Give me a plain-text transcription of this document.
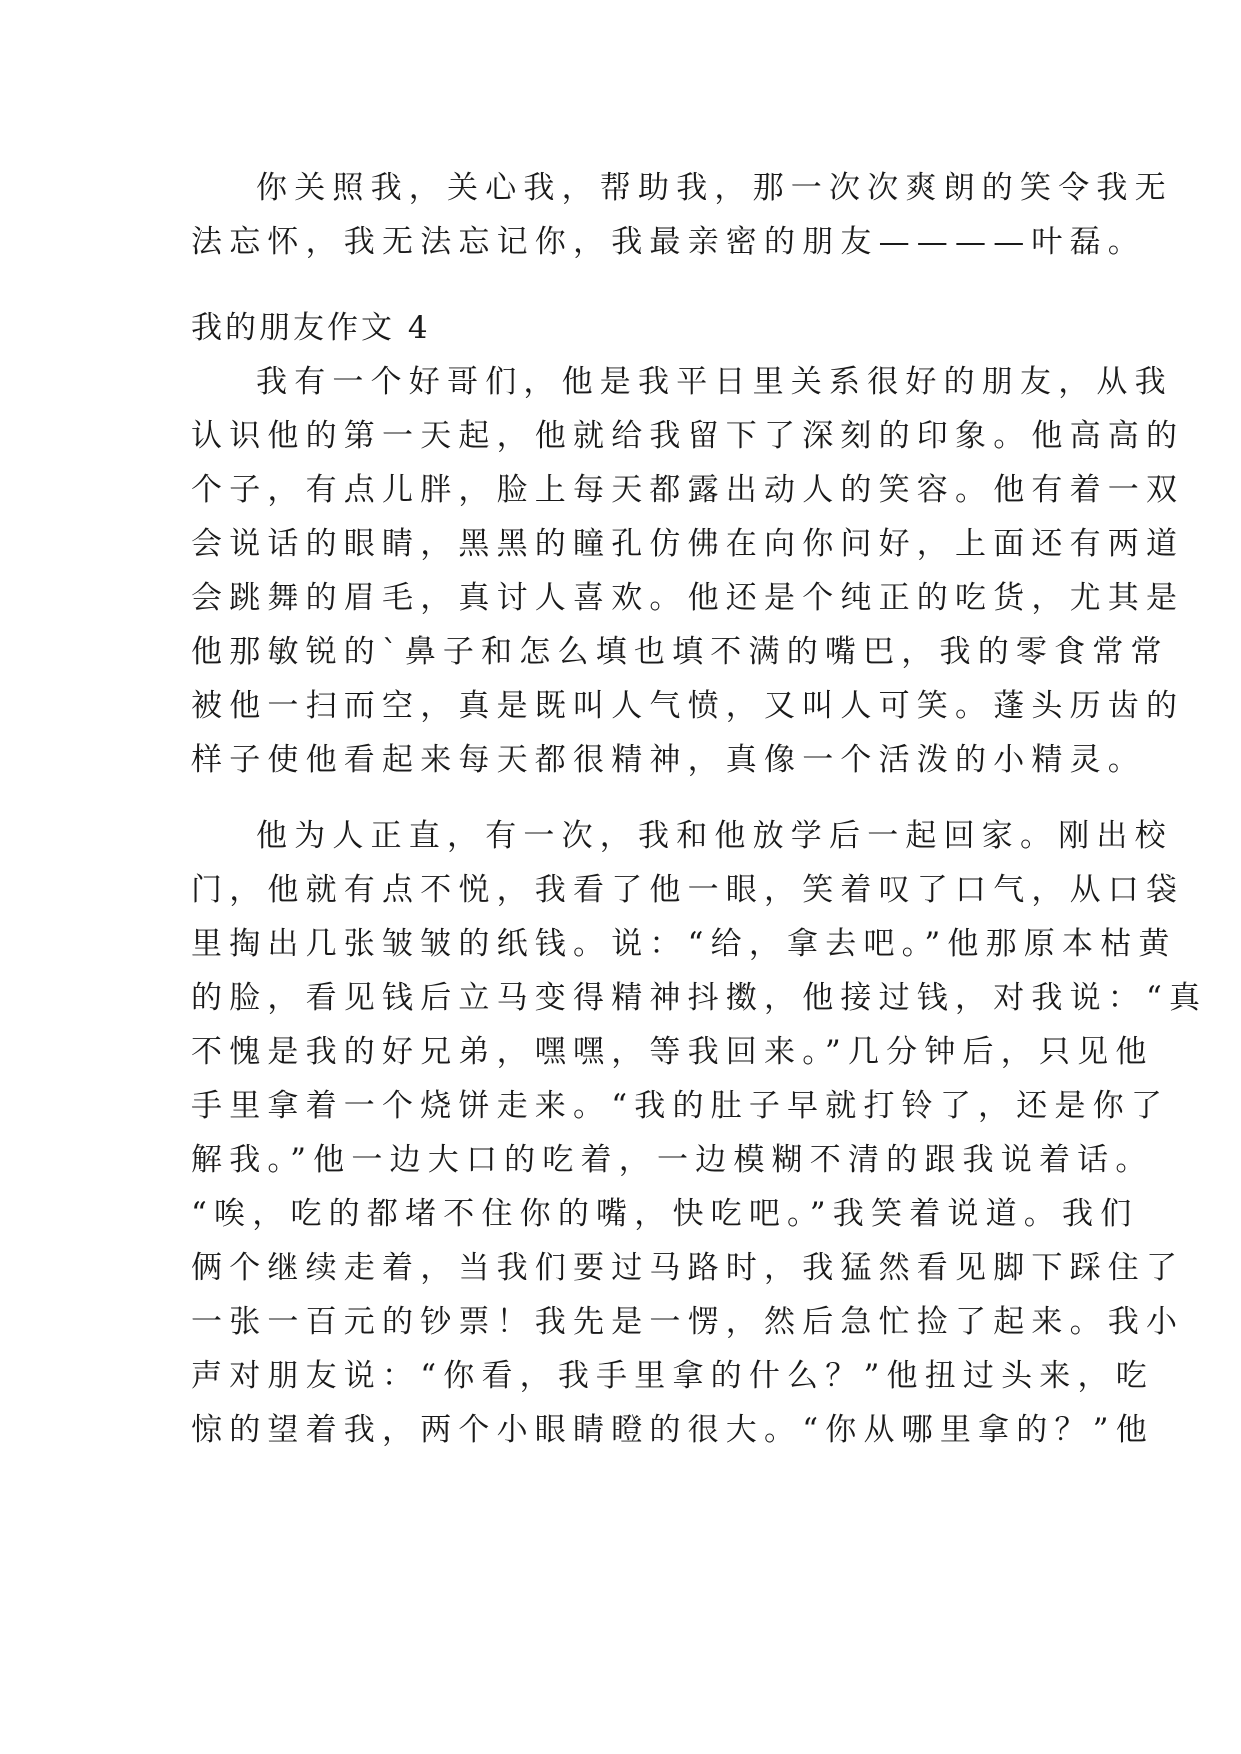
你关照我，关心我，帮助我，那一次次爽朗的笑令我无
法忘怀，我无法忘记你，我最亲密的朋友————叶磊。
我的朋友作文 4
我有一个好哥们，他是我平日里关系很好的朋友，从我
认识他的第一天起，他就给我留下了深刻的印象。他高高的
个子，有点儿胖，脸上每天都露出动人的笑容。他有着一双
会说话的眼睛，黑黑的瞳孔仿佛在向你问好，上面还有两道
会跳舞的眉毛，真讨人喜欢。他还是个纯正的吃货，尤其是
他那敏锐的`鼻子和怎么填也填不满的嘴巴，我的零食常常
被他一扫而空，真是既叫人气愤，又叫人可笑。蓬头历齿的
样子使他看起来每天都很精神，真像一个活泼的小精灵。
他为人正直，有一次，我和他放学后一起回家。刚出校
门，他就有点不悦，我看了他一眼，笑着叹了口气，从口袋
里掏出几张皱皱的纸钱。说：“给，拿去吧。”他那原本枯黄
的脸，看见钱后立马变得精神抖擞，他接过钱，对我说：“真
不愧是我的好兄弟，嘿嘿，等我回来。”几分钟后，只见他
手里拿着一个烧饼走来。“我的肚子早就打铃了，还是你了
解我。”他一边大口的吃着，一边模糊不清的跟我说着话。
“唉，吃的都堵不住你的嘴，快吃吧。”我笑着说道。我们
俩个继续走着，当我们要过马路时，我猛然看见脚下踩住了
一张一百元的钞票！我先是一愣，然后急忙捡了起来。我小
声对朋友说：“你看，我手里拿的什么？”他扭过头来，吃
惊的望着我，两个小眼睛瞪的很大。“你从哪里拿的？”他
